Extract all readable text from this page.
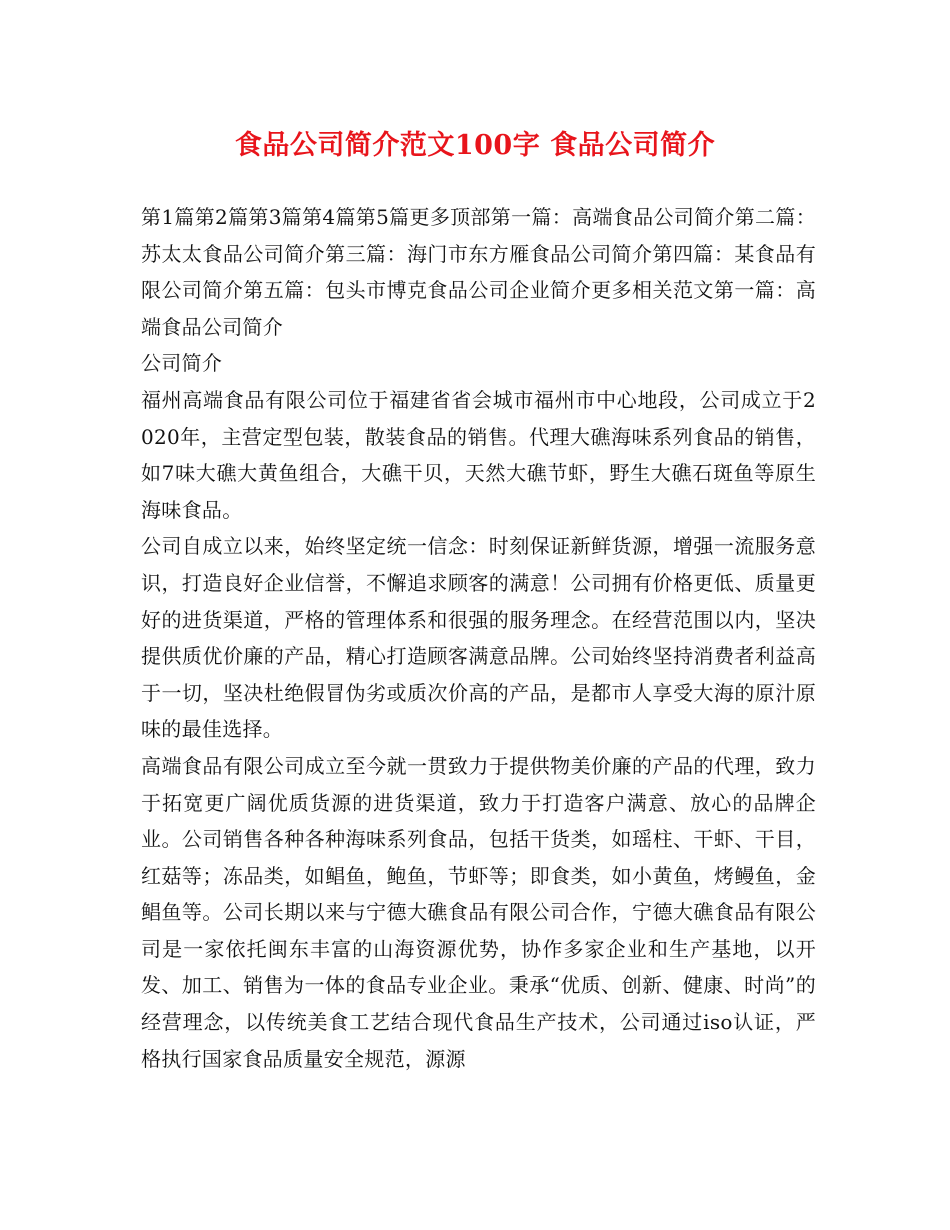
食品公司简介范文100字 食品公司简介

第1篇第2篇第3篇第4篇第5篇更多顶部第一篇：高端食品公司简介第二篇：苏太太食品公司简介第三篇：海门市东方雁食品公司简介第四篇：某食品有限公司简介第五篇：包头市博克食品公司企业简介更多相关范文第一篇：高端食品公司简介

公司简介

福州高端食品有限公司位于福建省省会城市福州市中心地段，公司成立于2020年，主营定型包装，散装食品的销售。代理大礁海味系列食品的销售，如7味大礁大黄鱼组合，大礁干贝，天然大礁节虾，野生大礁石斑鱼等原生海味食品。

公司自成立以来，始终坚定统一信念：时刻保证新鲜货源，增强一流服务意识，打造良好企业信誉，不懈追求顾客的满意！公司拥有价格更低、质量更好的进货渠道，严格的管理体系和很强的服务理念。在经营范围以内，坚决提供质优价廉的产品，精心打造顾客满意品牌。公司始终坚持消费者利益高于一切，坚决杜绝假冒伪劣或质次价高的产品，是都市人享受大海的原汁原味的最佳选择。

高端食品有限公司成立至今就一贯致力于提供物美价廉的产品的代理，致力于拓宽更广阔优质货源的进货渠道，致力于打造客户满意、放心的品牌企业。公司销售各种各种海味系列食品，包括干货类，如瑶柱、干虾、干目，红菇等；冻品类，如鲳鱼，鲍鱼，节虾等；即食类，如小黄鱼，烤鳗鱼，金鲳鱼等。公司长期以来与宁德大礁食品有限公司合作，宁德大礁食品有限公司是一家依托闽东丰富的山海资源优势，协作多家企业和生产基地，以开发、加工、销售为一体的食品专业企业。秉承“优质、创新、健康、时尚”的经营理念，以传统美食工艺结合现代食品生产技术，公司通过iso认证，严格执行国家食品质量安全规范，源源
